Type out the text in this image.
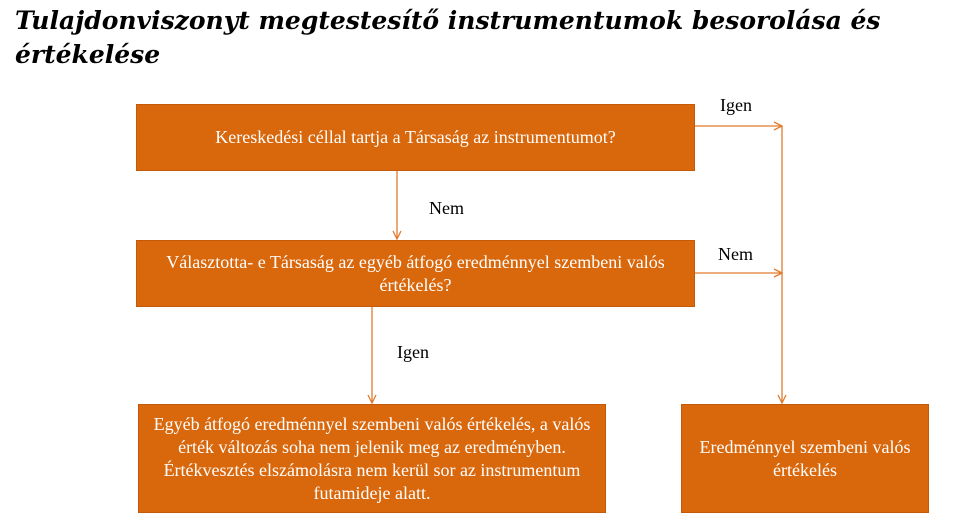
Tulajdonviszonyt megtestesítő instrumentumok besorolása és értékelése
Kereskedési céllal tartja a Társaság az instrumentumot?
Választotta- e Társaság az egyéb átfogó eredménnyel szembeni valós értékelés?
Egyéb átfogó eredménnyel szembeni valós értékelés, a valós érték változás soha nem jelenik meg az eredményben. Értékvesztés elszámolásra nem kerül sor az instrumentum futamideje alatt.
Eredménnyel szembeni valós értékelés
Igen
Nem
Nem
Igen
